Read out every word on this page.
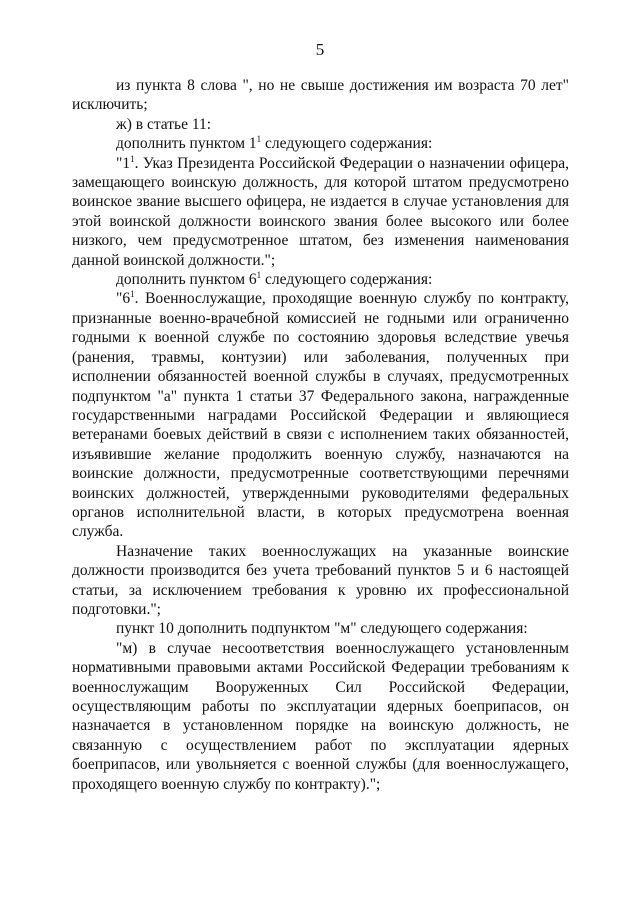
5

из пункта 8 слова ", но не свыше достижения им возраста 70 лет" исключить;

ж) в статье 11:

дополнить пунктом $1^1$ следующего содержания:

"$1^1$. Указ Президента Российской Федерации о назначении офицера, замещающего воинскую должность, для которой штатом предусмотрено воинское звание высшего офицера, не издается в случае установления для этой воинской должности воинского звания более высокого или более низкого, чем предусмотренное штатом, без изменения наименования данной воинской должности.";

дополнить пунктом $6^1$ следующего содержания:

"$6^1$. Военнослужащие, проходящие военную службу по контракту, признанные военно-врачебной комиссией не годными или ограниченно годными к военной службе по состоянию здоровья вследствие увечья (ранения, травмы, контузии) или заболевания, полученных при исполнении обязанностей военной службы в случаях, предусмотренных подпунктом "а" пункта 1 статьи 37 Федерального закона, награжденные государственными наградами Российской Федерации и являющиеся ветеранами боевых действий в связи с исполнением таких обязанностей, изъявившие желание продолжить военную службу, назначаются на воинские должности, предусмотренные соответствующими перечнями воинских должностей, утвержденными руководителями федеральных органов исполнительной власти, в которых предусмотрена военная служба.

Назначение таких военнослужащих на указанные воинские должности производится без учета требований пунктов 5 и 6 настоящей статьи, за исключением требования к уровню их профессиональной подготовки.";

пункт 10 дополнить подпунктом "м" следующего содержания:

"м) в случае несоответствия военнослужащего установленным нормативными правовыми актами Российской Федерации требованиям к военнослужащим Вооруженных Сил Российской Федерации, осуществляющим работы по эксплуатации ядерных боеприпасов, он назначается в установленном порядке на воинскую должность, не связанную с осуществлением работ по эксплуатации ядерных боеприпасов, или увольняется с военной службы (для военнослужащего, проходящего военную службу по контракту).";
